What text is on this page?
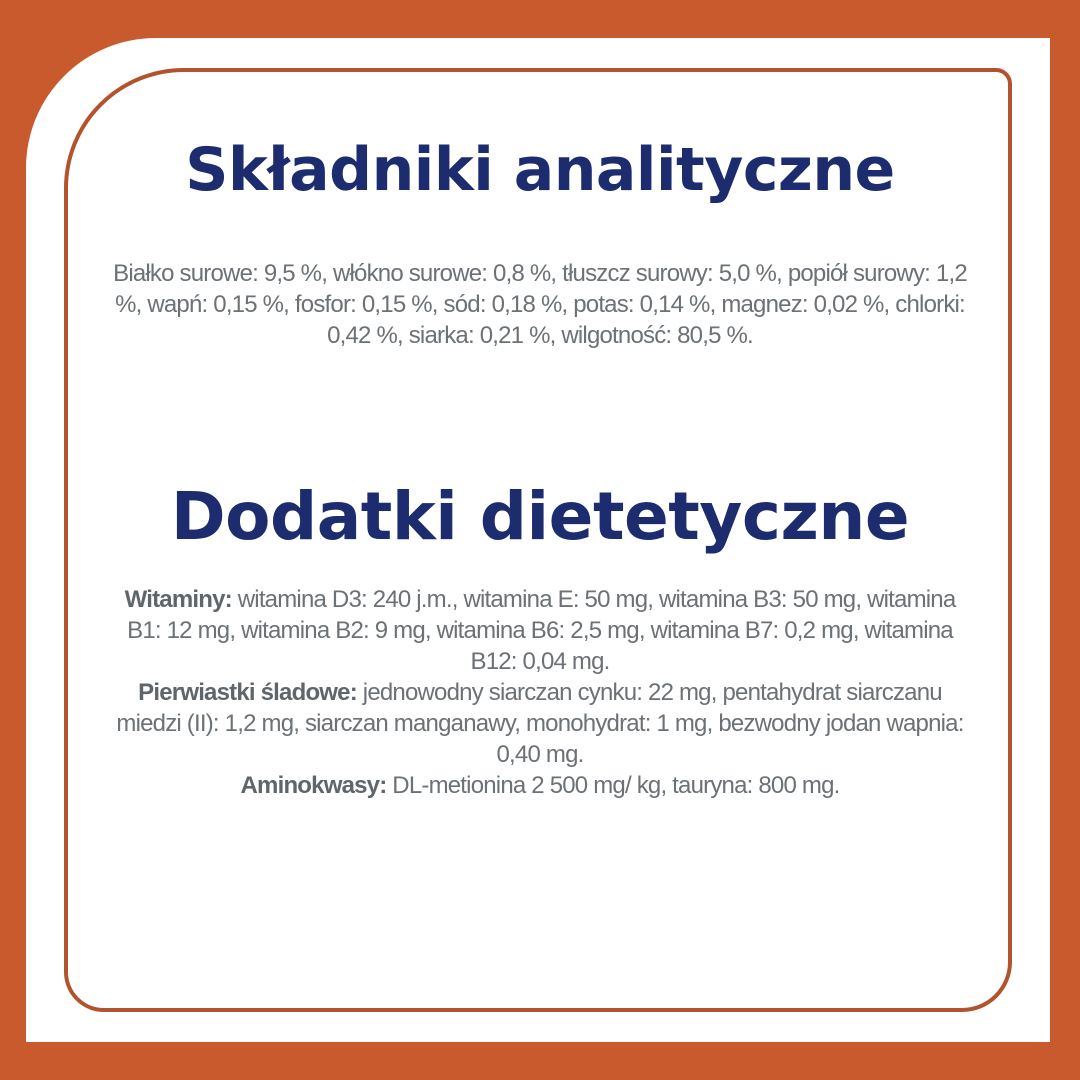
Składniki analityczne

Białko surowe: 9,5 %, włókno surowe: 0,8 %, tłuszcz surowy: 5,0 %, popiół surowy: 1,2 %, wapń: 0,15 %, fosfor: 0,15 %, sód: 0,18 %, potas: 0,14 %, magnez: 0,02 %, chlorki: 0,42 %, siarka: 0,21 %, wilgotność: 80,5 %.

Dodatki dietetyczne

Witaminy: witamina D3: 240 j.m., witamina E: 50 mg, witamina B3: 50 mg, witamina B1: 12 mg, witamina B2: 9 mg, witamina B6: 2,5 mg, witamina B7: 0,2 mg, witamina B12: 0,04 mg.
Pierwiastki śladowe: jednowodny siarczan cynku: 22 mg, pentahydrat siarczanu miedzi (II): 1,2 mg, siarczan manganawy, monohydrat: 1 mg, bezwodny jodan wapnia: 0,40 mg.
Aminokwasy: DL-metionina 2 500 mg/ kg, tauryna: 800 mg.
